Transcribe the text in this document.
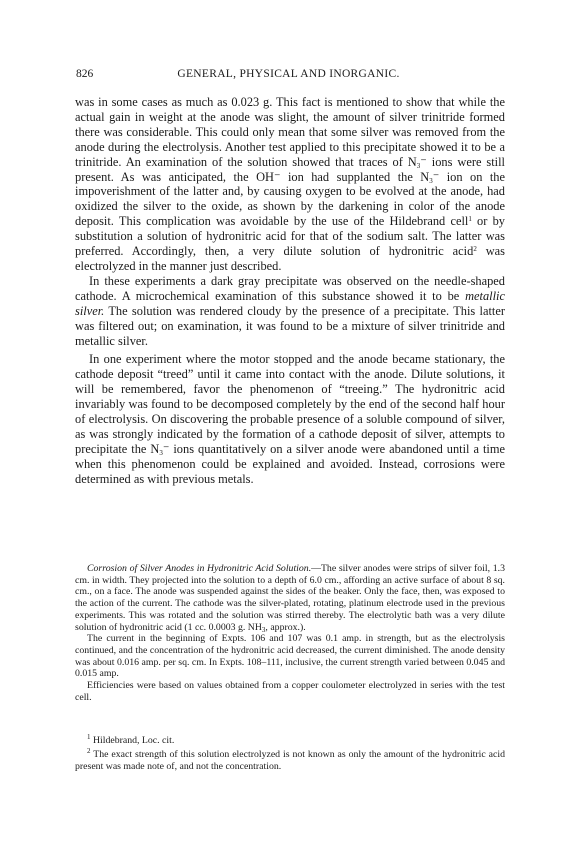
826	GENERAL, PHYSICAL AND INORGANIC.

was in some cases as much as 0.023 g. This fact is mentioned to show that while the actual gain in weight at the anode was slight, the amount of silver trinitride formed there was considerable. This could only mean that some silver was removed from the anode during the electrolysis. Another test applied to this precipitate showed it to be a trinitride. An examination of the solution showed that traces of $N_3^-$ ions were still present. As was anticipated, the OH⁻ ion had supplanted the $N_3^-$ ion on the impoverishment of the latter and, by causing oxygen to be evolved at the anode, had oxidized the silver to the oxide, as shown by the darkening in color of the anode deposit. This complication was avoidable by the use of the Hildebrand cell$^1$ or by substitution a solution of hydronitric acid for that of the sodium salt. The latter was preferred. Accordingly, then, a very dilute solution of hydronitric acid$^2$ was electrolyzed in the manner just described.

In these experiments a dark gray precipitate was observed on the needle-shaped cathode. A microchemical examination of this substance showed it to be metallic silver. The solution was rendered cloudy by the presence of a precipitate. This latter was filtered out; on examination, it was found to be a mixture of silver trinitride and metallic silver.

In one experiment where the motor stopped and the anode became stationary, the cathode deposit “treed” until it came into contact with the anode. Dilute solutions, it will be remembered, favor the phenomenon of “treeing.” The hydronitric acid invariably was found to be decomposed completely by the end of the second half hour of electrolysis. On discovering the probable presence of a soluble compound of silver, as was strongly indicated by the formation of a cathode deposit of silver, attempts to precipitate the $N_3^-$ ions quantitatively on a silver anode were abandoned until a time when this phenomenon could be explained and avoided. Instead, corrosions were determined as with previous metals.

Corrosion of Silver Anodes in Hydronitric Acid Solution.—The silver anodes were strips of silver foil, 1.3 cm. in width. They projected into the solution to a depth of 6.0 cm., affording an active surface of about 8 sq. cm., on a face. The anode was suspended against the sides of the beaker. Only the face, then, was exposed to the action of the current. The cathode was the silver-plated, rotating, platinum electrode used in the previous experiments. This was rotated and the solution was stirred thereby. The electrolytic bath was a very dilute solution of hydronitric acid (1 cc. 0.0003 g. $NH_3$, approx.).

The current in the beginning of Expts. 106 and 107 was 0.1 amp. in strength, but as the electrolysis continued, and the concentration of the hydronitric acid decreased, the current diminished. The anode density was about 0.016 amp. per sq. cm. In Expts. 108–111, inclusive, the current strength varied between 0.045 and 0.015 amp.

Efficiencies were based on values obtained from a copper coulometer electrolyzed in series with the test cell.

$^1$ Hildebrand, Loc. cit.

$^2$ The exact strength of this solution electrolyzed is not known as only the amount of the hydronitric acid present was made note of, and not the concentration.
